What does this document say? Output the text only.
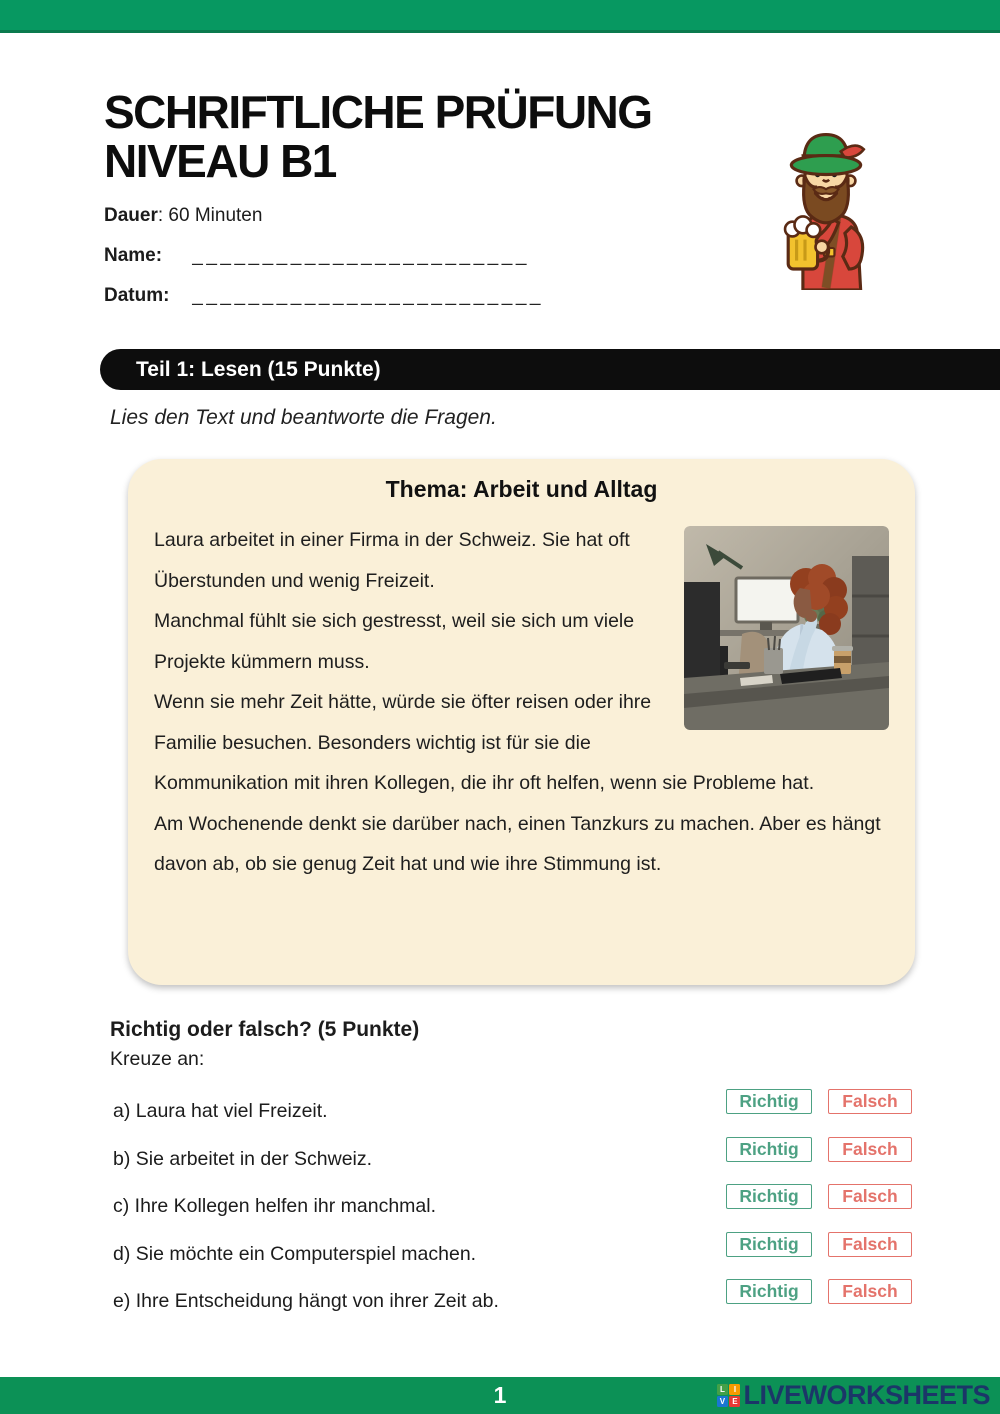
SCHRIFTLICHE PRÜFUNG
NIVEAU B1
Dauer: 60 Minuten
Name: ________________________
Datum: _________________________
Teil 1: Lesen (15 Punkte)
Lies den Text und beantworte die Fragen.
Thema: Arbeit und Alltag

Laura arbeitet in einer Firma in der Schweiz. Sie hat oft Überstunden und wenig Freizeit.

Manchmal fühlt sie sich gestresst, weil sie sich um viele Projekte kümmern muss.

Wenn sie mehr Zeit hätte, würde sie öfter reisen oder ihre Familie besuchen. Besonders wichtig ist für sie die Kommunikation mit ihren Kollegen, die ihr oft helfen, wenn sie Probleme hat.

Am Wochenende denkt sie darüber nach, einen Tanzkurs zu machen. Aber es hängt davon ab, ob sie genug Zeit hat und wie ihre Stimmung ist.

Richtig oder falsch? (5 Punkte)
Kreuze an:
a) Laura hat viel Freizeit.	Richtig	Falsch
b) Sie arbeitet in der Schweiz.	Richtig	Falsch
c) Ihre Kollegen helfen ihr manchmal.	Richtig	Falsch
d) Sie möchte ein Computerspiel machen.	Richtig	Falsch
e) Ihre Entscheidung hängt von ihrer Zeit ab.	Richtig	Falsch
1	L	I
V E LIVEWORKSHEETS
